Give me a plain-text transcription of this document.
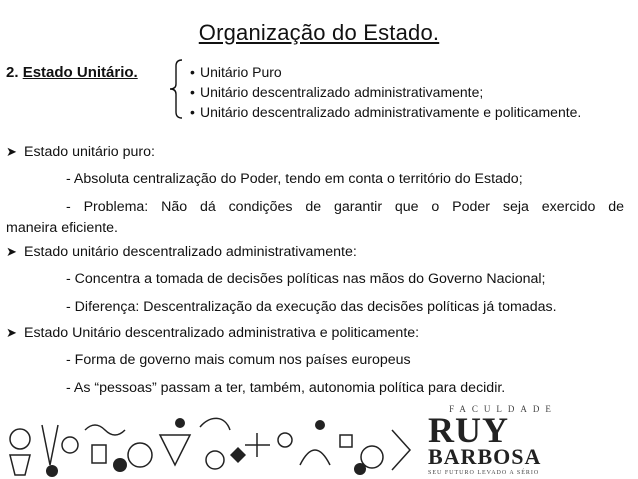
Organização do Estado.
2. Estado Unitário.	• Unitário Puro
• Unitário descentralizado administrativamente;
• Unitário descentralizado administrativamente e politicamente.
➤ Estado unitário puro:
- Absoluta centralização do Poder, tendo em conta o território do Estado;
- Problema: Não dá condições de garantir que o Poder seja exercido de
maneira eficiente.
➤ Estado unitário descentralizado administrativamente:
- Concentra a tomada de decisões políticas nas mãos do Governo Nacional;
- Diferença: Descentralização da execução das decisões políticas já tomadas.
➤ Estado Unitário descentralizado administrativa e politicamente:
- Forma de governo mais comum nos países europeus
- As “pessoas” passam a ter, também, autonomia política para decidir.
FACULDADE
RUY
BARBOSA
SEU FUTURO LEVADO A SÉRIO
